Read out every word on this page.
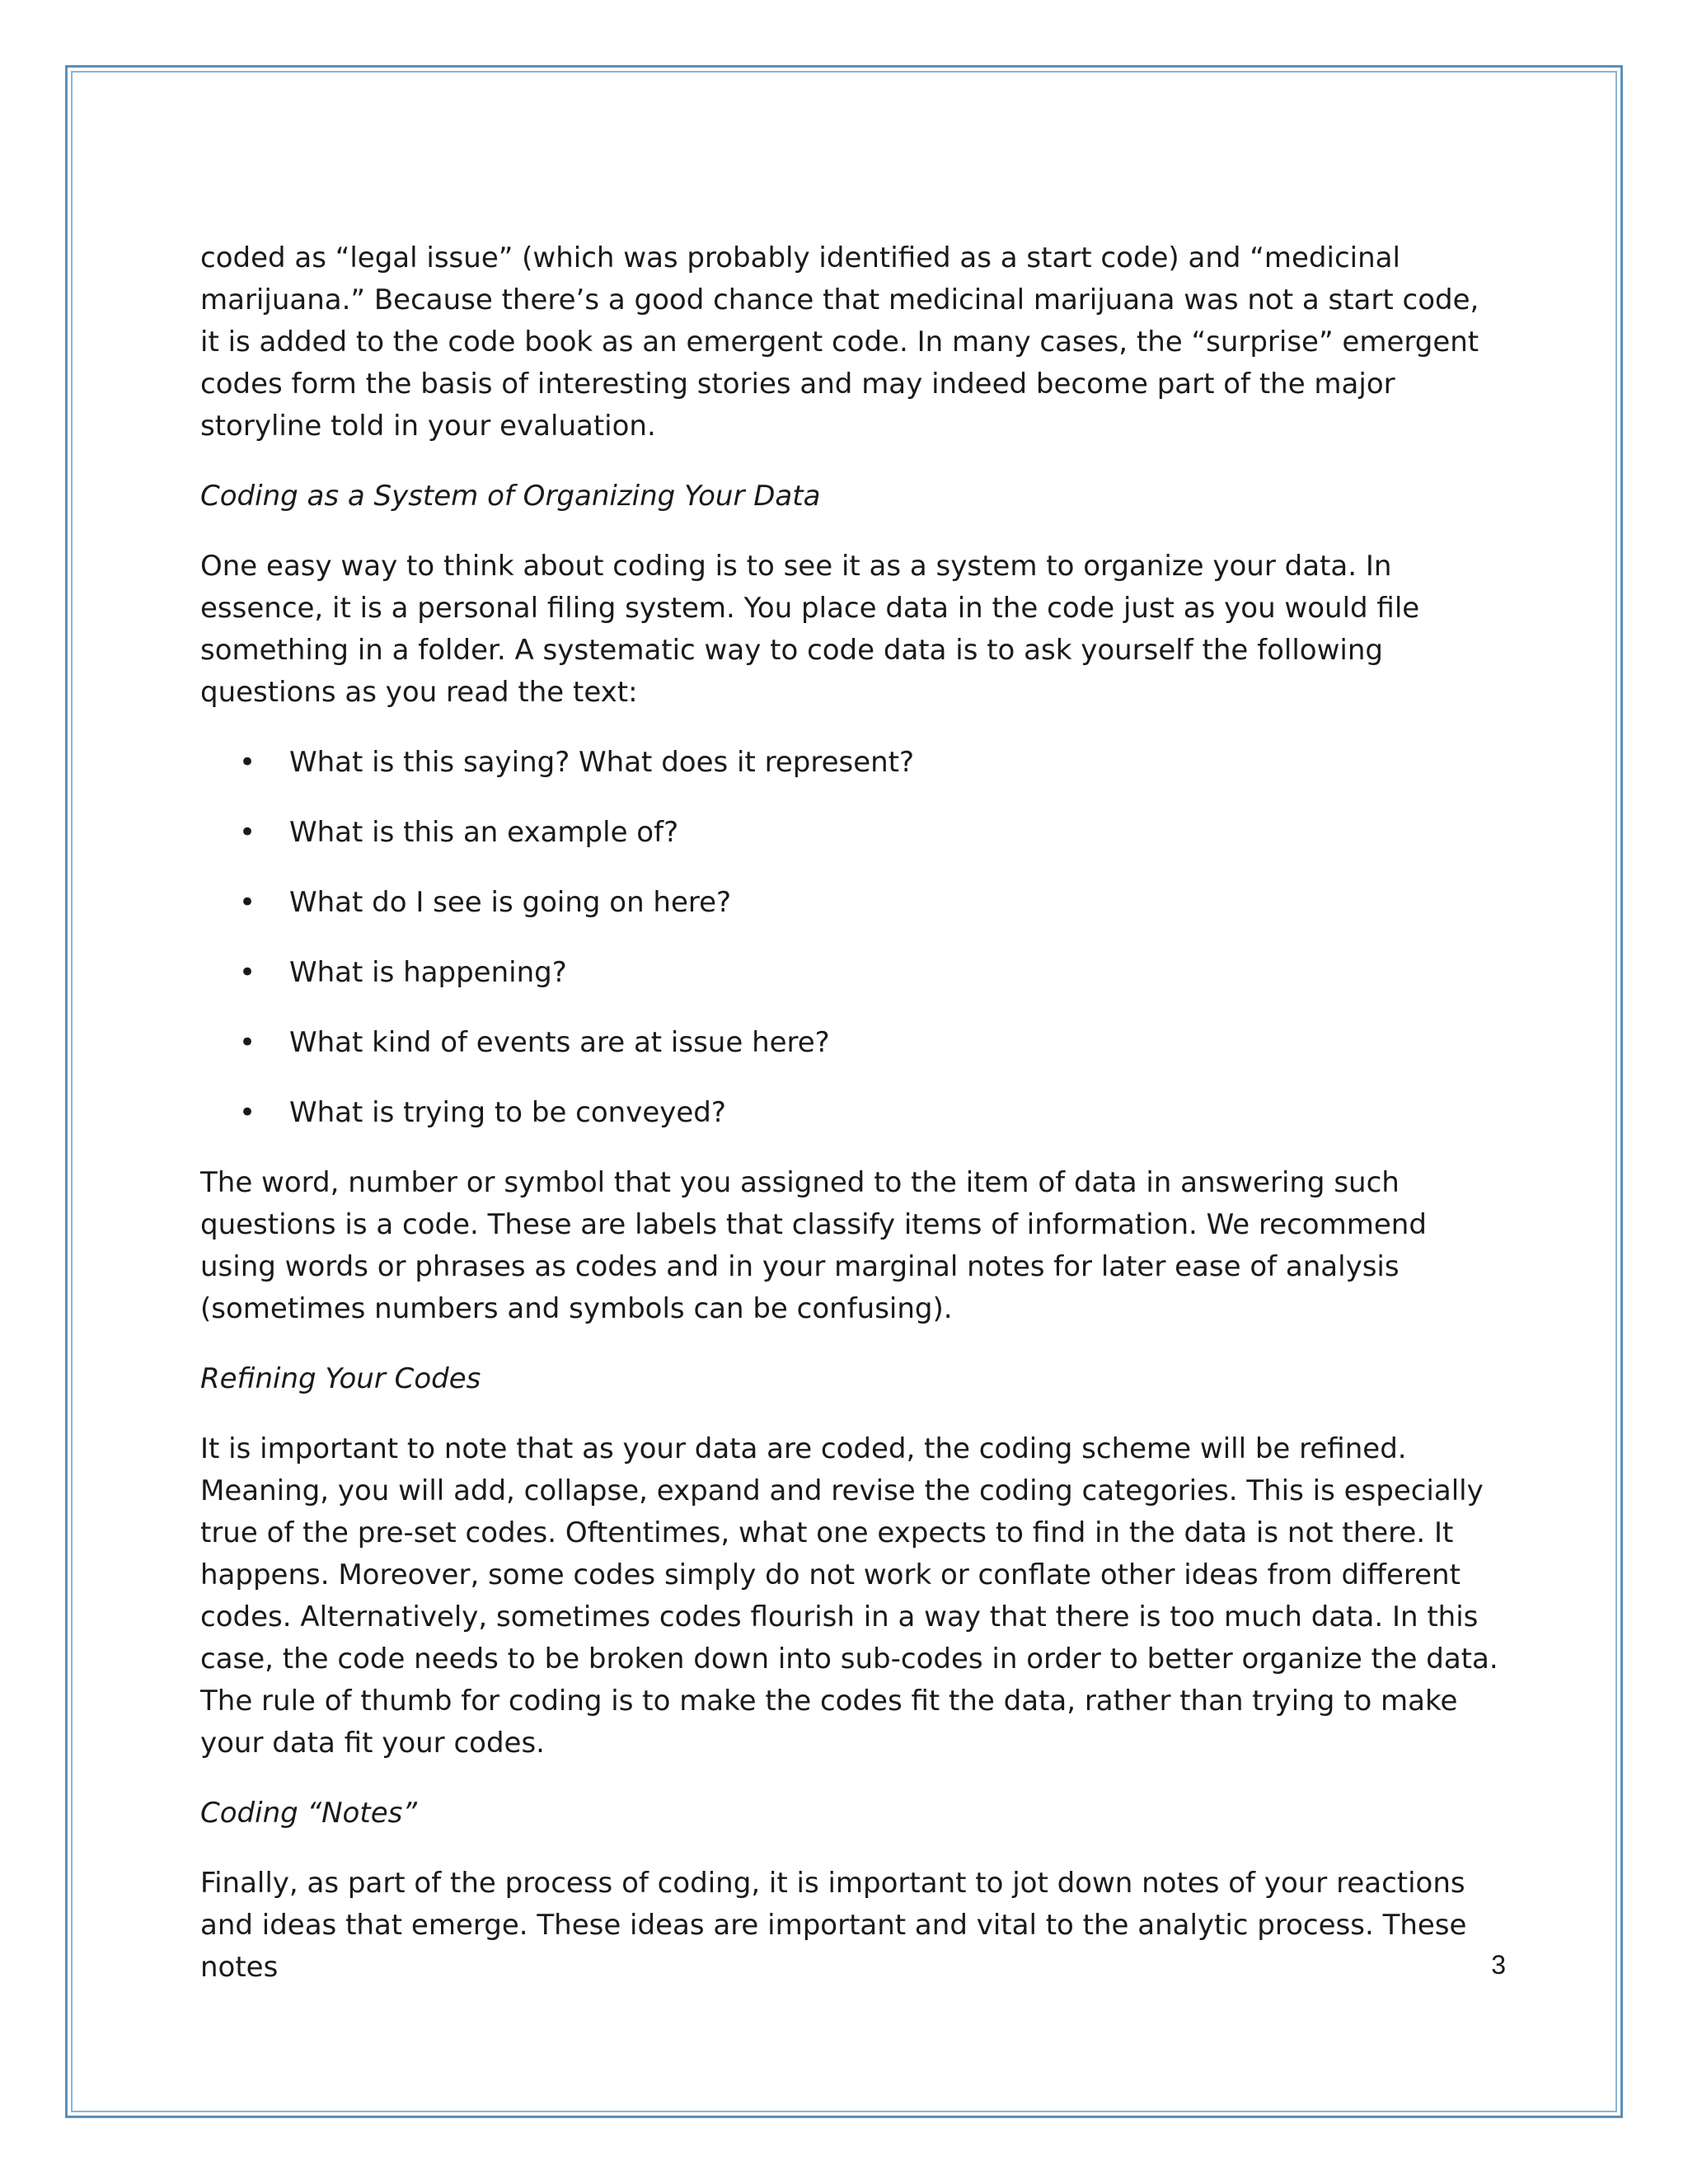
coded as “legal issue” (which was probably identified as a start code) and “medicinal marijuana.” Because there’s a good chance that medicinal marijuana was not a start code, it is added to the code book as an emergent code. In many cases, the “surprise” emergent codes form the basis of interesting stories and may indeed become part of the major storyline told in your evaluation.

Coding as a System of Organizing Your Data

One easy way to think about coding is to see it as a system to organize your data. In essence, it is a personal filing system. You place data in the code just as you would file something in a folder. A systematic way to code data is to ask yourself the following questions as you read the text:

• What is this saying? What does it represent?
• What is this an example of?
• What do I see is going on here?
• What is happening?
• What kind of events are at issue here?
• What is trying to be conveyed?

The word, number or symbol that you assigned to the item of data in answering such questions is a code. These are labels that classify items of information. We recommend using words or phrases as codes and in your marginal notes for later ease of analysis (sometimes numbers and symbols can be confusing).

Refining Your Codes

It is important to note that as your data are coded, the coding scheme will be refined. Meaning, you will add, collapse, expand and revise the coding categories. This is especially true of the pre-set codes. Oftentimes, what one expects to find in the data is not there. It happens. Moreover, some codes simply do not work or conflate other ideas from different codes. Alternatively, sometimes codes flourish in a way that there is too much data. In this case, the code needs to be broken down into sub-codes in order to better organize the data. The rule of thumb for coding is to make the codes fit the data, rather than trying to make your data fit your codes.

Coding “Notes”

Finally, as part of the process of coding, it is important to jot down notes of your reactions and ideas that emerge. These ideas are important and vital to the analytic process. These notes	3
